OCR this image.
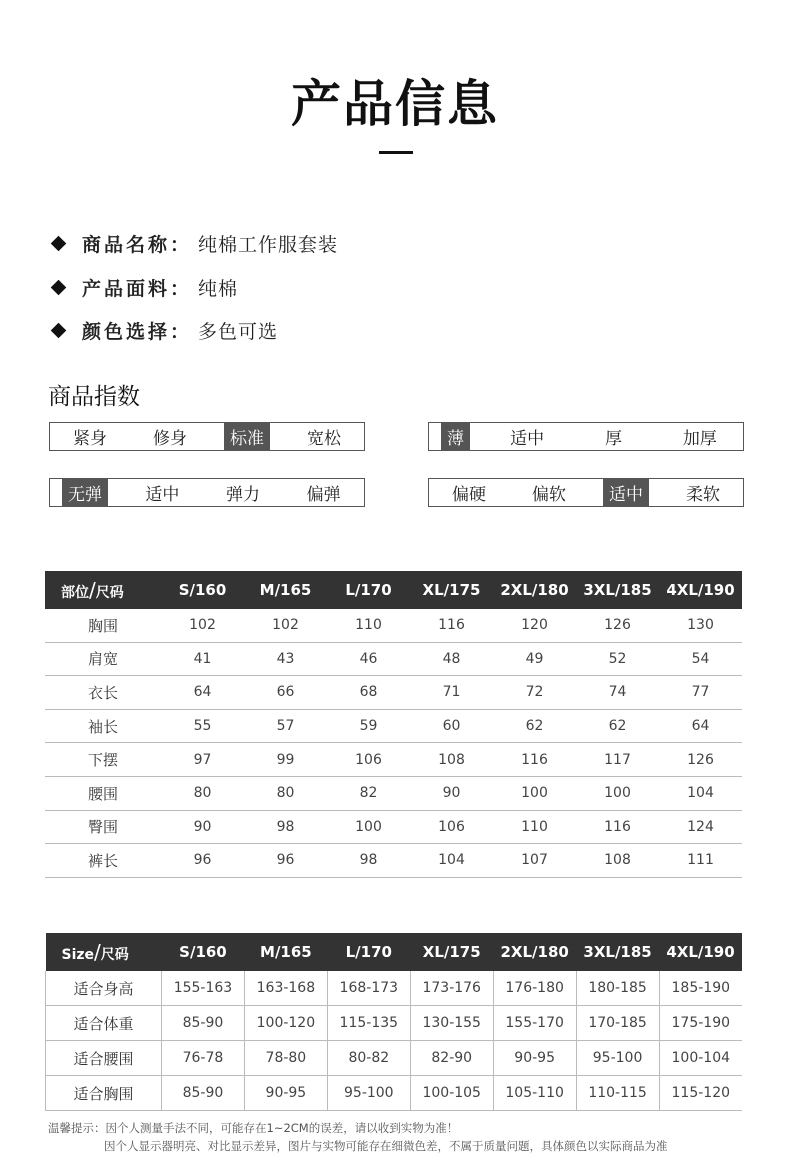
产品信息
商品名称： 纯棉工作服套装
产品面料： 纯棉
颜色选择： 多色可选
商品指数
紧身	修身	标准	宽松	薄	适中	厚	加厚
无弹	适中	弹力	偏弹	偏硬	偏软	适中	柔软
部位/尺码	S/160	M/165	L/170	XL/175	2XL/180	3XL/185	4XL/190
胸围	102	102	110	116	120	126	130
肩宽	41	43	46	48	49	52	54
衣长	64	66	68	71	72	74	77
袖长	55	57	59	60	62	62	64
下摆	97	99	106	108	116	117	126
腰围	80	80	82	90	100	100	104
臀围	90	98	100	106	110	116	124
裤长	96	96	98	104	107	108	111
Size/尺码	S/160	M/165	L/170	XL/175	2XL/180	3XL/185	4XL/190
适合身高	155-163	163-168	168-173	173-176	176-180	180-185	185-190
适合体重	85-90	100-120	115-135	130-155	155-170	170-185	175-190
适合腰围	76-78	78-80	80-82	82-90	90-95	95-100	100-104
适合胸围	85-90	90-95	95-100	100-105	105-110	110-115	115-120
温馨提示：因个人测量手法不同，可能存在1~2CM的误差，请以收到实物为准！
因个人显示器明亮、对比显示差异，图片与实物可能存在细微色差，不属于质量问题，具体颜色以实际商品为准
